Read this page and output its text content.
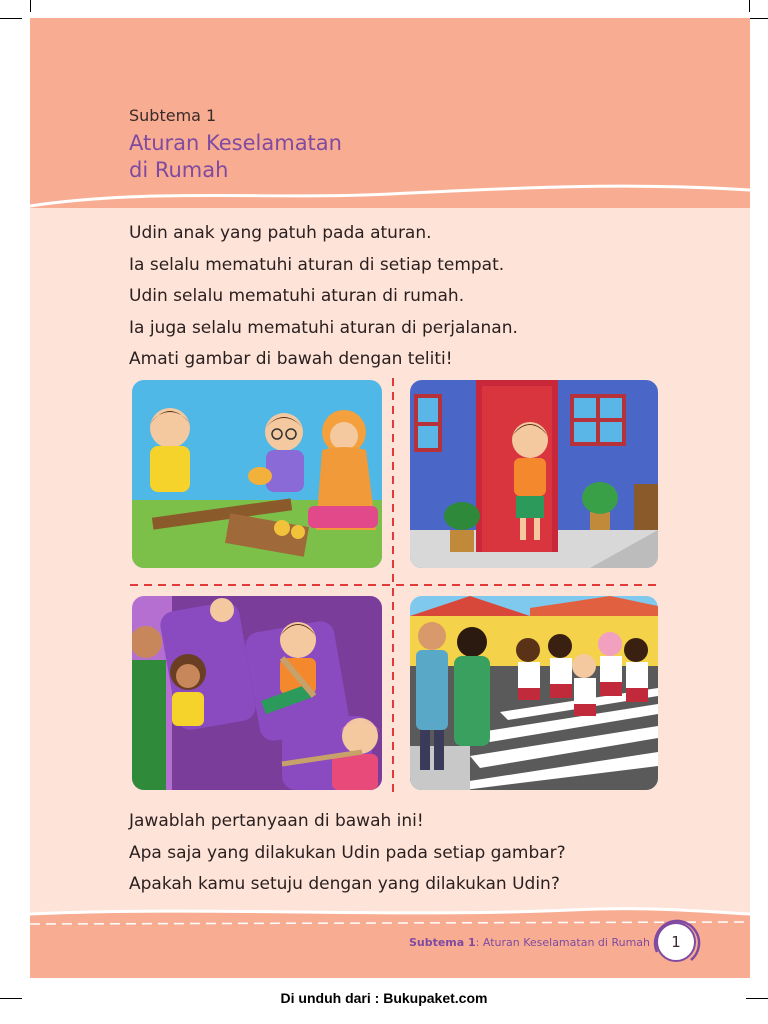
Subtema 1
Aturan Keselamatan
di Rumah
Udin anak yang patuh pada aturan.
Ia selalu mematuhi aturan di setiap tempat.
Udin selalu mematuhi aturan di rumah.
Ia juga selalu mematuhi aturan di perjalanan.
Amati gambar di bawah dengan teliti!
Jawablah pertanyaan di bawah ini!
Apa saja yang dilakukan Udin pada setiap gambar?
Apakah kamu setuju dengan yang dilakukan Udin?
Subtema 1: Aturan Keselamatan di Rumah	1
Di unduh dari : Bukupaket.com
